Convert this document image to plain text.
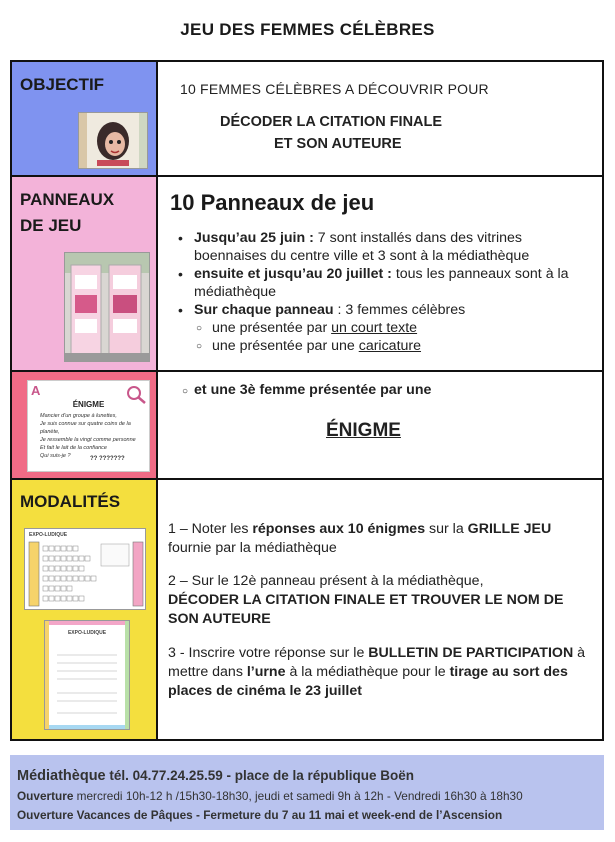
JEU DES FEMMES CÉLÈBRES
OBJECTIF	10 FEMMES CÉLÈBRES A DÉCOUVRIR POUR
DÉCODER LA CITATION FINALE
ET SON AUTEURE
PANNEAUX
DE JEU
10 Panneaux de jeu
• Jusqu’au 25 juin : 7 sont installés dans des vitrines boennaises du centre ville et 3 sont à la médiathèque
• ensuite et jusqu’au 20 juillet : tous les panneaux sont à la médiathèque
• Sur chaque panneau : 3 femmes célèbres
○ une présentée par un court texte
○ une présentée par une caricature
A
ÉNIGME
Mancier d'un groupe à lunettes,
Je suis connue sur quatre coins de la planète,
Je ressemble la vingt comme personne
Et fait le lait de la confiance
Qui suis-je ?	?? ???????
○ et une 3è femme présentée par une
ÉNIGME
MODALITÉS
EXPO-LUDIQUE
EXPO-LUDIQUE
1 – Noter les réponses aux 10 énigmes sur la GRILLE JEU fournie par la médiathèque
2 – Sur le 12è panneau présent à la médiathèque,
DÉCODER LA CITATION FINALE ET TROUVER LE NOM DE SON AUTEURE
3 - Inscrire votre réponse sur le BULLETIN DE PARTICIPATION à mettre dans l’urne à la médiathèque pour le tirage au sort des places de cinéma le 23 juillet
Médiathèque tél. 04.77.24.25.59 - place de la république Boën
Ouverture mercredi 10h-12 h /15h30-18h30, jeudi et samedi 9h à 12h - Vendredi 16h30 à 18h30
Ouverture Vacances de Pâques - Fermeture du 7 au 11 mai et week-end de l’Ascension
